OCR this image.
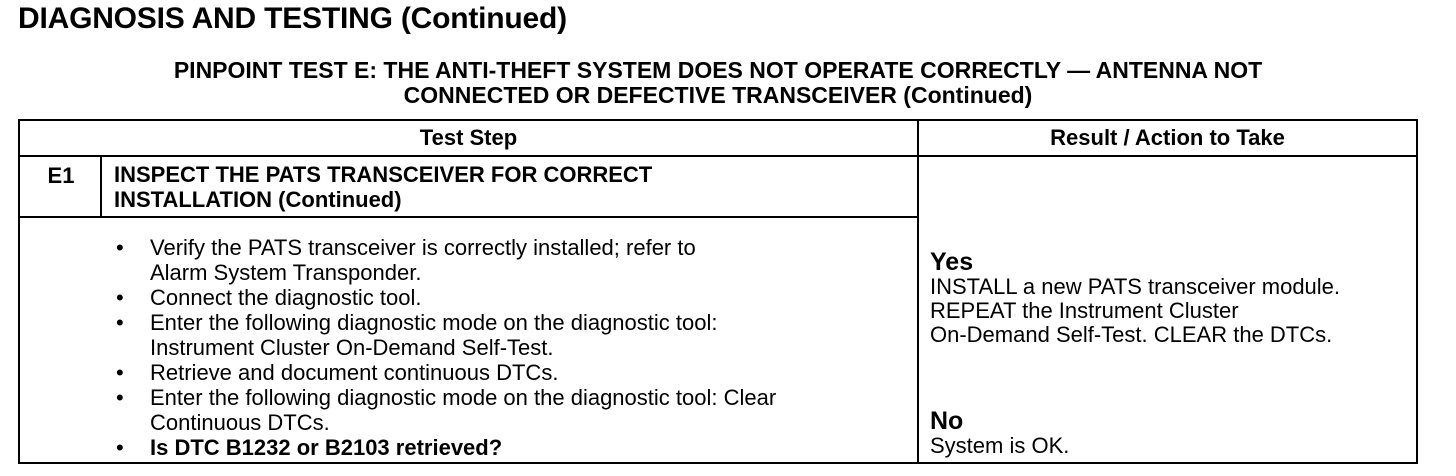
DIAGNOSIS AND TESTING (Continued)
PINPOINT TEST E: THE ANTI-THEFT SYSTEM DOES NOT OPERATE CORRECTLY — ANTENNA NOT
CONNECTED OR DEFECTIVE TRANSCEIVER (Continued)
Test Step	Result / Action to Take
E1	INSPECT THE PATS TRANSCEIVER FOR CORRECT
INSTALLATION (Continued)
• Verify the PATS transceiver is correctly installed; refer to
Alarm System Transponder.
• Connect the diagnostic tool.
• Enter the following diagnostic mode on the diagnostic tool:
Instrument Cluster On-Demand Self-Test.
• Retrieve and document continuous DTCs.
• Enter the following diagnostic mode on the diagnostic tool: Clear
Continuous DTCs.
• Is DTC B1232 or B2103 retrieved?
Yes
INSTALL a new PATS transceiver module.
REPEAT the Instrument Cluster
On-Demand Self-Test. CLEAR the DTCs.
No
System is OK.
